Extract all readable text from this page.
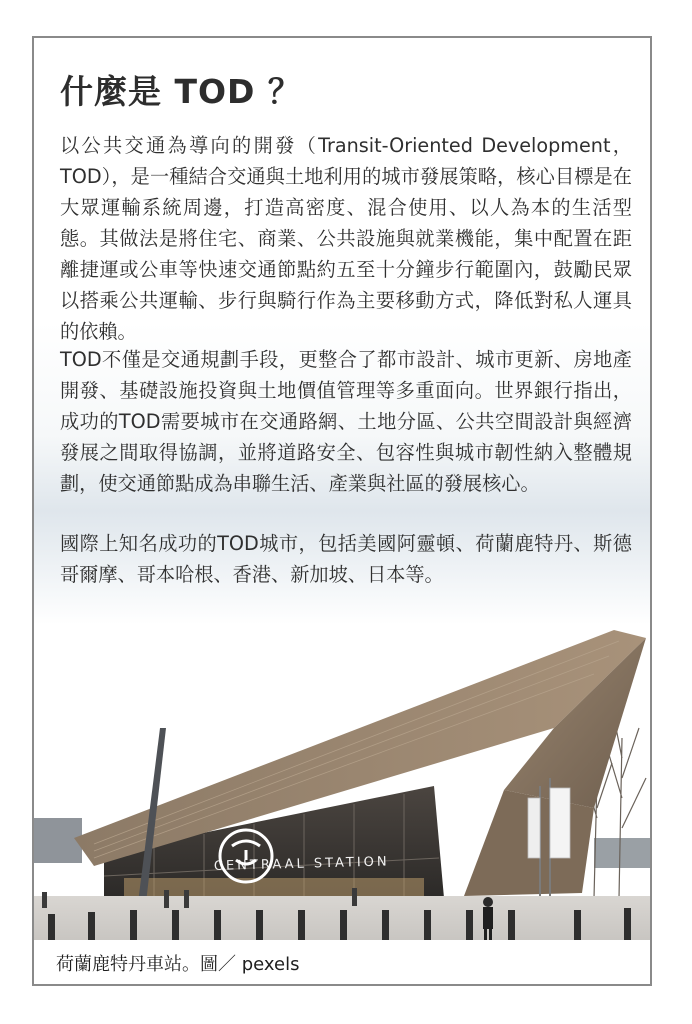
什麼是 TOD ？

以公共交通為導向的開發（Transit-Oriented Development，TOD），是一種結合交通與土地利用的城市發展策略，核心目標是在大眾運輸系統周邊，打造高密度、混合使用、以人為本的生活型態。其做法是將住宅、商業、公共設施與就業機能，集中配置在距離捷運或公車等快速交通節點約五至十分鐘步行範圍內，鼓勵民眾以搭乘公共運輸、步行與騎行作為主要移動方式，降低對私人運具的依賴。

TOD不僅是交通規劃手段，更整合了都市設計、城市更新、房地產開發、基礎設施投資與土地價值管理等多重面向。世界銀行指出，成功的TOD需要城市在交通路網、土地分區、公共空間設計與經濟發展之間取得協調，並將道路安全、包容性與城市韌性納入整體規劃，使交通節點成為串聯生活、產業與社區的發展核心。

國際上知名成功的TOD城市，包括美國阿靈頓、荷蘭鹿特丹、斯德哥爾摩、哥本哈根、香港、新加坡、日本等。

CENTRAAL STATION

荷蘭鹿特丹車站。圖／ pexels
